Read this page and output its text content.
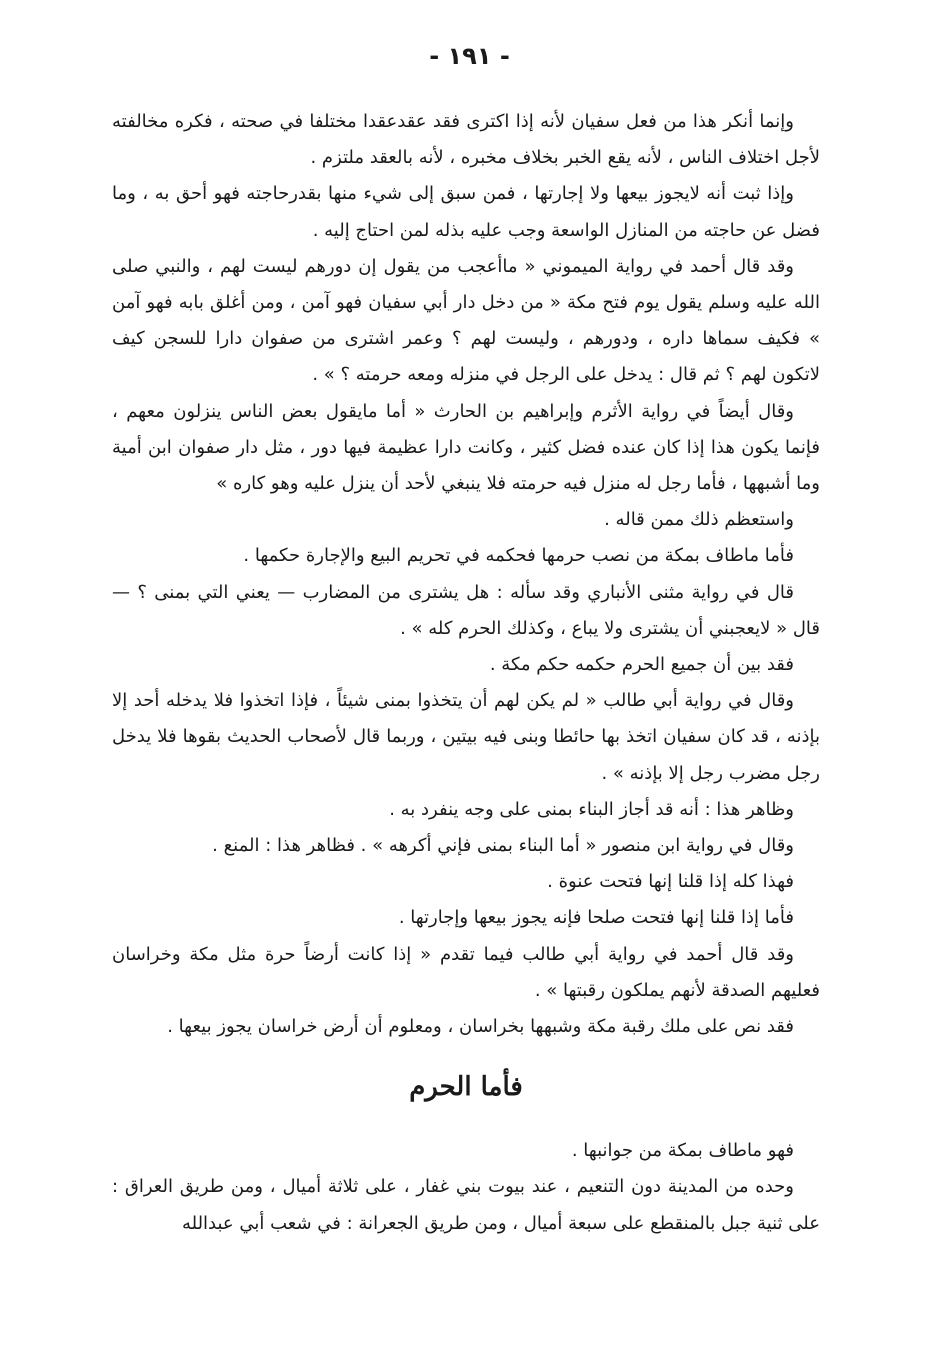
- ١٩١ -

وإنما أنكر هذا من فعل سفيان لأنه إذا اكترى فقد عقدعقدا مختلفا في صحته ، فكره مخالفته لأجل اختلاف الناس ، لأنه يقع الخبر بخلاف مخبره ، لأنه بالعقد ملتزم .

وإذا ثبت أنه لايجوز بيعها ولا إجارتها ، فمن سبق إلى شيء منها بقدرحاجته فهو أحق به ، وما فضل عن حاجته من المنازل الواسعة وجب عليه بذله لمن احتاج إليه .

وقد قال أحمد في رواية الميموني « ماأعجب من يقول إن دورهم ليست لهم ، والنبي صلى الله عليه وسلم يقول يوم فتح مكة « من دخل دار أبي سفيان فهو آمن ، ومن أغلق بابه فهو آمن » فكيف سماها داره ، ودورهم ، وليست لهم ؟ وعمر اشترى من صفوان دارا للسجن كيف لاتكون لهم ؟ ثم قال : يدخل على الرجل في منزله ومعه حرمته ؟ » .

وقال أيضاً في رواية الأثرم وإبراهيم بن الحارث « أما مايقول بعض الناس ينزلون معهم ، فإنما يكون هذا إذا كان عنده فضل كثير ، وكانت دارا عظيمة فيها دور ، مثل دار صفوان ابن أمية وما أشبهها ، فأما رجل له منزل فيه حرمته فلا ينبغي لأحد أن ينزل عليه وهو كاره »

واستعظم ذلك ممن قاله .

فأما ماطاف بمكة من نصب حرمها فحكمه في تحريم البيع والإجارة حكمها .

قال في رواية مثنى الأنباري وقد سأله : هل يشترى من المضارب — يعني التي بمنى ؟ — قال « لايعجبني أن يشترى ولا يباع ، وكذلك الحرم كله » .

فقد بين أن جميع الحرم حكمه حكم مكة .

وقال في رواية أبي طالب « لم يكن لهم أن يتخذوا بمنى شيئاً ، فإذا اتخذوا فلا يدخله أحد إلا بإذنه ، قد كان سفيان اتخذ بها حائطا وبنى فيه بيتين ، وربما قال لأصحاب الحديث بقوها فلا يدخل رجل مضرب رجل إلا بإذنه » .

وظاهر هذا : أنه قد أجاز البناء بمنى على وجه ينفرد به .

وقال في رواية ابن منصور « أما البناء بمنى فإني أكرهه » . فظاهر هذا : المنع .

فهذا كله إذا قلنا إنها فتحت عنوة .

فأما إذا قلنا إنها فتحت صلحا فإنه يجوز بيعها وإجارتها .

وقد قال أحمد في رواية أبي طالب فيما تقدم « إذا كانت أرضاً حرة مثل مكة وخراسان فعليهم الصدقة لأنهم يملكون رقبتها » .

فقد نص على ملك رقبة مكة وشبهها بخراسان ، ومعلوم أن أرض خراسان يجوز بيعها .

فأما الحرم

فهو ماطاف بمكة من جوانبها .

وحده من المدينة دون التنعيم ، عند بيوت بني غفار ، على ثلاثة أميال ، ومن طريق العراق : على ثنية جبل بالمنقطع على سبعة أميال ، ومن طريق الجعرانة : في شعب أبي عبدالله
